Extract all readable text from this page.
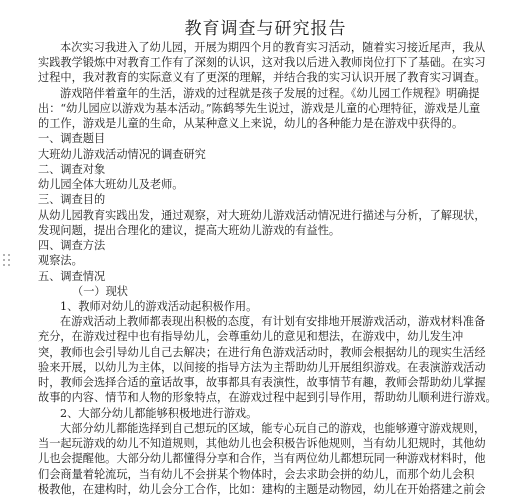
教育调查与研究报告
本次实习我进入了幼儿园，开展为期四个月的教育实习活动，随着实习接近尾声，我从
实践教学锻炼中对教育工作有了深刻的认识，这对我以后进入教师岗位打下了基础。在实习
过程中，我对教育的实际意义有了更深的理解，并结合我的实习认识开展了教育实习调查。
游戏陪伴着童年的生活，游戏的过程就是孩子发展的过程。《幼儿园工作规程》明确提
出：“幼儿园应以游戏为基本活动。”陈鹤琴先生说过，游戏是儿童的心理特征，游戏是儿童
的工作，游戏是儿童的生命，从某种意义上来说，幼儿的各种能力是在游戏中获得的。
一、调查题目
大班幼儿游戏活动情况的调查研究
二、调查对象
幼儿园全体大班幼儿及老师。
三、调查目的
从幼儿园教育实践出发，通过观察，对大班幼儿游戏活动情况进行描述与分析，了解现状，
发现问题，提出合理化的建议，提高大班幼儿游戏的有益性。
四、调查方法
观察法。
五、调查情况
（一）现状
1、教师对幼儿的游戏活动起积极作用。
在游戏活动上教师都表现出积极的态度，有计划有安排地开展游戏活动，游戏材料准备
充分，在游戏过程中也有指导幼儿，会尊重幼儿的意见和想法，在游戏中，幼儿发生冲
突，教师也会引导幼儿自己去解决；在进行角色游戏活动时，教师会根据幼儿的现实生活经
验来开展，以幼儿为主体，以间接的指导方法为主帮助幼儿开展组织游戏。在表演游戏活动
时，教师会选择合适的童话故事，故事都具有表演性，故事情节有趣，教师会帮助幼儿掌握
故事的内容、情节和人物的形象特点，在游戏过程中起到引导作用，帮助幼儿顺利进行游戏。
2、大部分幼儿都能够积极地进行游戏。
大部分幼儿都能选择到自己想玩的区域，能专心玩自己的游戏，也能够遵守游戏规则，
当一起玩游戏的幼儿不知道规则，其他幼儿也会积极告诉他规则，当有幼儿犯规时，其他幼
儿也会提醒他。大部分幼儿都懂得分享和合作，当有两位幼儿都想玩同一种游戏材料时，他
们会商量着轮流玩，当有幼儿不会拼某个物体时，会去求助会拼的幼儿，而那个幼儿会积
极教他，在建构时，幼儿会分工合作，比如：建构的主题是动物园，幼儿在开始搭建之前会
